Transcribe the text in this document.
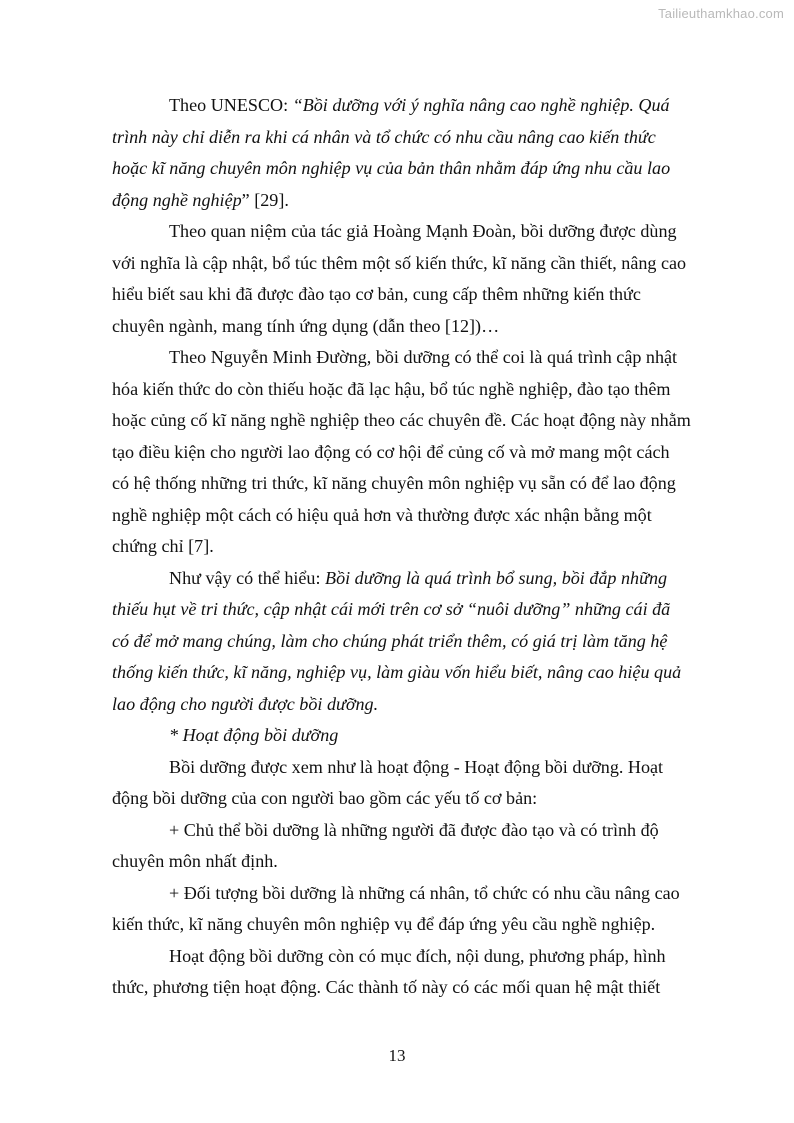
Tailieuthamkhao.com

Theo UNESCO: “Bồi dưỡng với ý nghĩa nâng cao nghề nghiệp. Quá
trình này chỉ diễn ra khi cá nhân và tổ chức có nhu cầu nâng cao kiến thức
hoặc kĩ năng chuyên môn nghiệp vụ của bản thân nhằm đáp ứng nhu cầu lao
động nghề nghiệp” [29].

Theo quan niệm của tác giả Hoàng Mạnh Đoàn, bồi dưỡng được dùng
với nghĩa là cập nhật, bổ túc thêm một số kiến thức, kĩ năng cần thiết, nâng cao
hiểu biết sau khi đã được đào tạo cơ bản, cung cấp thêm những kiến thức
chuyên ngành, mang tính ứng dụng (dẫn theo [12])…

Theo Nguyễn Minh Đường, bồi dưỡng có thể coi là quá trình cập nhật
hóa kiến thức do còn thiếu hoặc đã lạc hậu, bổ túc nghề nghiệp, đào tạo thêm
hoặc củng cố kĩ năng nghề nghiệp theo các chuyên đề. Các hoạt động này nhằm
tạo điều kiện cho người lao động có cơ hội để củng cố và mở mang một cách
có hệ thống những tri thức, kĩ năng chuyên môn nghiệp vụ sẵn có để lao động
nghề nghiệp một cách có hiệu quả hơn và thường được xác nhận bằng một
chứng chỉ [7].

Như vậy có thể hiểu: Bồi dưỡng là quá trình bổ sung, bồi đắp những
thiếu hụt về tri thức, cập nhật cái mới trên cơ sở “nuôi dưỡng” những cái đã
có để mở mang chúng, làm cho chúng phát triển thêm, có giá trị làm tăng hệ
thống kiến thức, kĩ năng, nghiệp vụ, làm giàu vốn hiểu biết, nâng cao hiệu quả
lao động cho người được bồi dưỡng.

* Hoạt động bồi dưỡng

Bồi dưỡng được xem như là hoạt động - Hoạt động bồi dưỡng. Hoạt
động bồi dưỡng của con người bao gồm các yếu tố cơ bản:

+ Chủ thể bồi dưỡng là những người đã được đào tạo và có trình độ
chuyên môn nhất định.

+ Đối tượng bồi dưỡng là những cá nhân, tổ chức có nhu cầu nâng cao
kiến thức, kĩ năng chuyên môn nghiệp vụ để đáp ứng yêu cầu nghề nghiệp.

Hoạt động bồi dưỡng còn có mục đích, nội dung, phương pháp, hình
thức, phương tiện hoạt động. Các thành tố này có các mối quan hệ mật thiết

13
